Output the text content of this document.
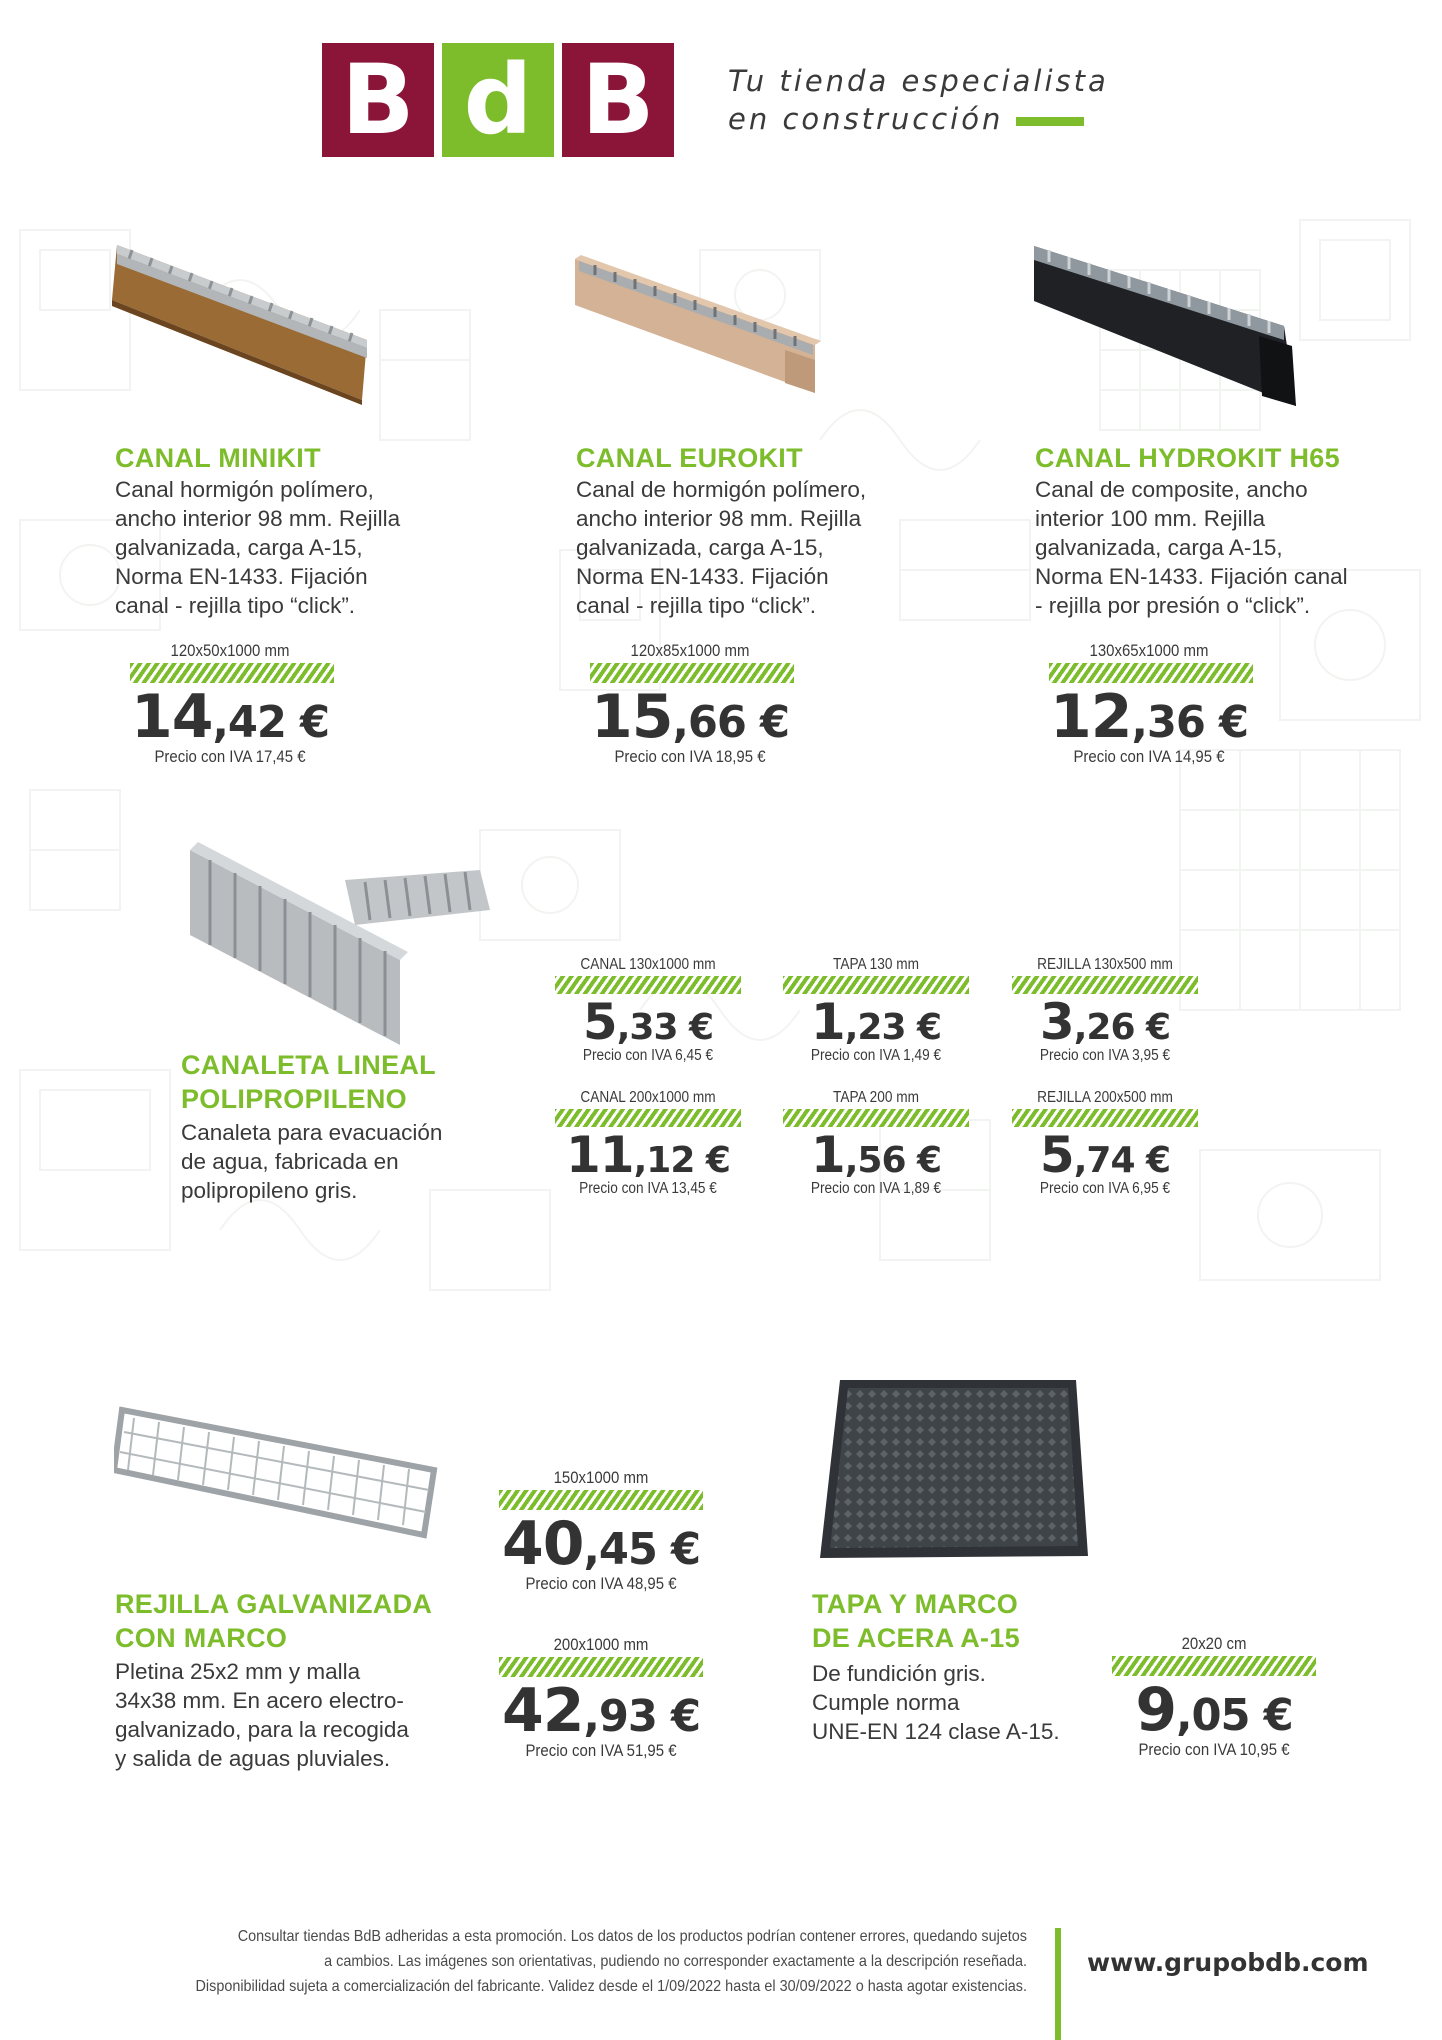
B d B	Tu tienda especialista
en construcción
CANAL MINIKIT
Canal hormigón polímero,
ancho interior 98 mm. Rejilla
galvanizada, carga A-15,
Norma EN-1433. Fijación
canal - rejilla tipo “click”.
120x50x1000 mm
14,42 €
Precio con IVA 17,45 €
CANAL EUROKIT
Canal de hormigón polímero,
ancho interior 98 mm. Rejilla
galvanizada, carga A-15,
Norma EN-1433. Fijación
canal - rejilla tipo “click”.
120x85x1000 mm
15,66 €
Precio con IVA 18,95 €
CANAL HYDROKIT H65
Canal de composite, ancho
interior 100 mm. Rejilla
galvanizada, carga A-15,
Norma EN-1433. Fijación canal
- rejilla por presión o “click”.
130x65x1000 mm
12,36 €
Precio con IVA 14,95 €
CANALETA LINEAL
POLIPROPILENO
Canaleta para evacuación
de agua, fabricada en
polipropileno gris.
CANAL 130x1000 mm
5,33 €
Precio con IVA 6,45 €
TAPA 130 mm
1,23 €
Precio con IVA 1,49 €
REJILLA 130x500 mm
3,26 €
Precio con IVA 3,95 €
CANAL 200x1000 mm
11,12 €
Precio con IVA 13,45 €
TAPA 200 mm
1,56 €
Precio con IVA 1,89 €
REJILLA 200x500 mm
5,74 €
Precio con IVA 6,95 €
REJILLA GALVANIZADA
CON MARCO
Pletina 25x2 mm y malla
34x38 mm. En acero electro-
galvanizado, para la recogida
y salida de aguas pluviales.
150x1000 mm
40,45 €
Precio con IVA 48,95 €
200x1000 mm
42,93 €
Precio con IVA 51,95 €
TAPA Y MARCO
DE ACERA A-15
De fundición gris.
Cumple norma
UNE-EN 124 clase A-15.
20x20 cm
9,05 €
Precio con IVA 10,95 €
Consultar tiendas BdB adheridas a esta promoción. Los datos de los productos podrían contener errores, quedando sujetos
a cambios. Las imágenes son orientativas, pudiendo no corresponder exactamente a la descripción reseñada.
Disponibilidad sujeta a comercialización del fabricante. Validez desde el 1/09/2022 hasta el 30/09/2022 o hasta agotar existencias.
www.grupobdb.com
